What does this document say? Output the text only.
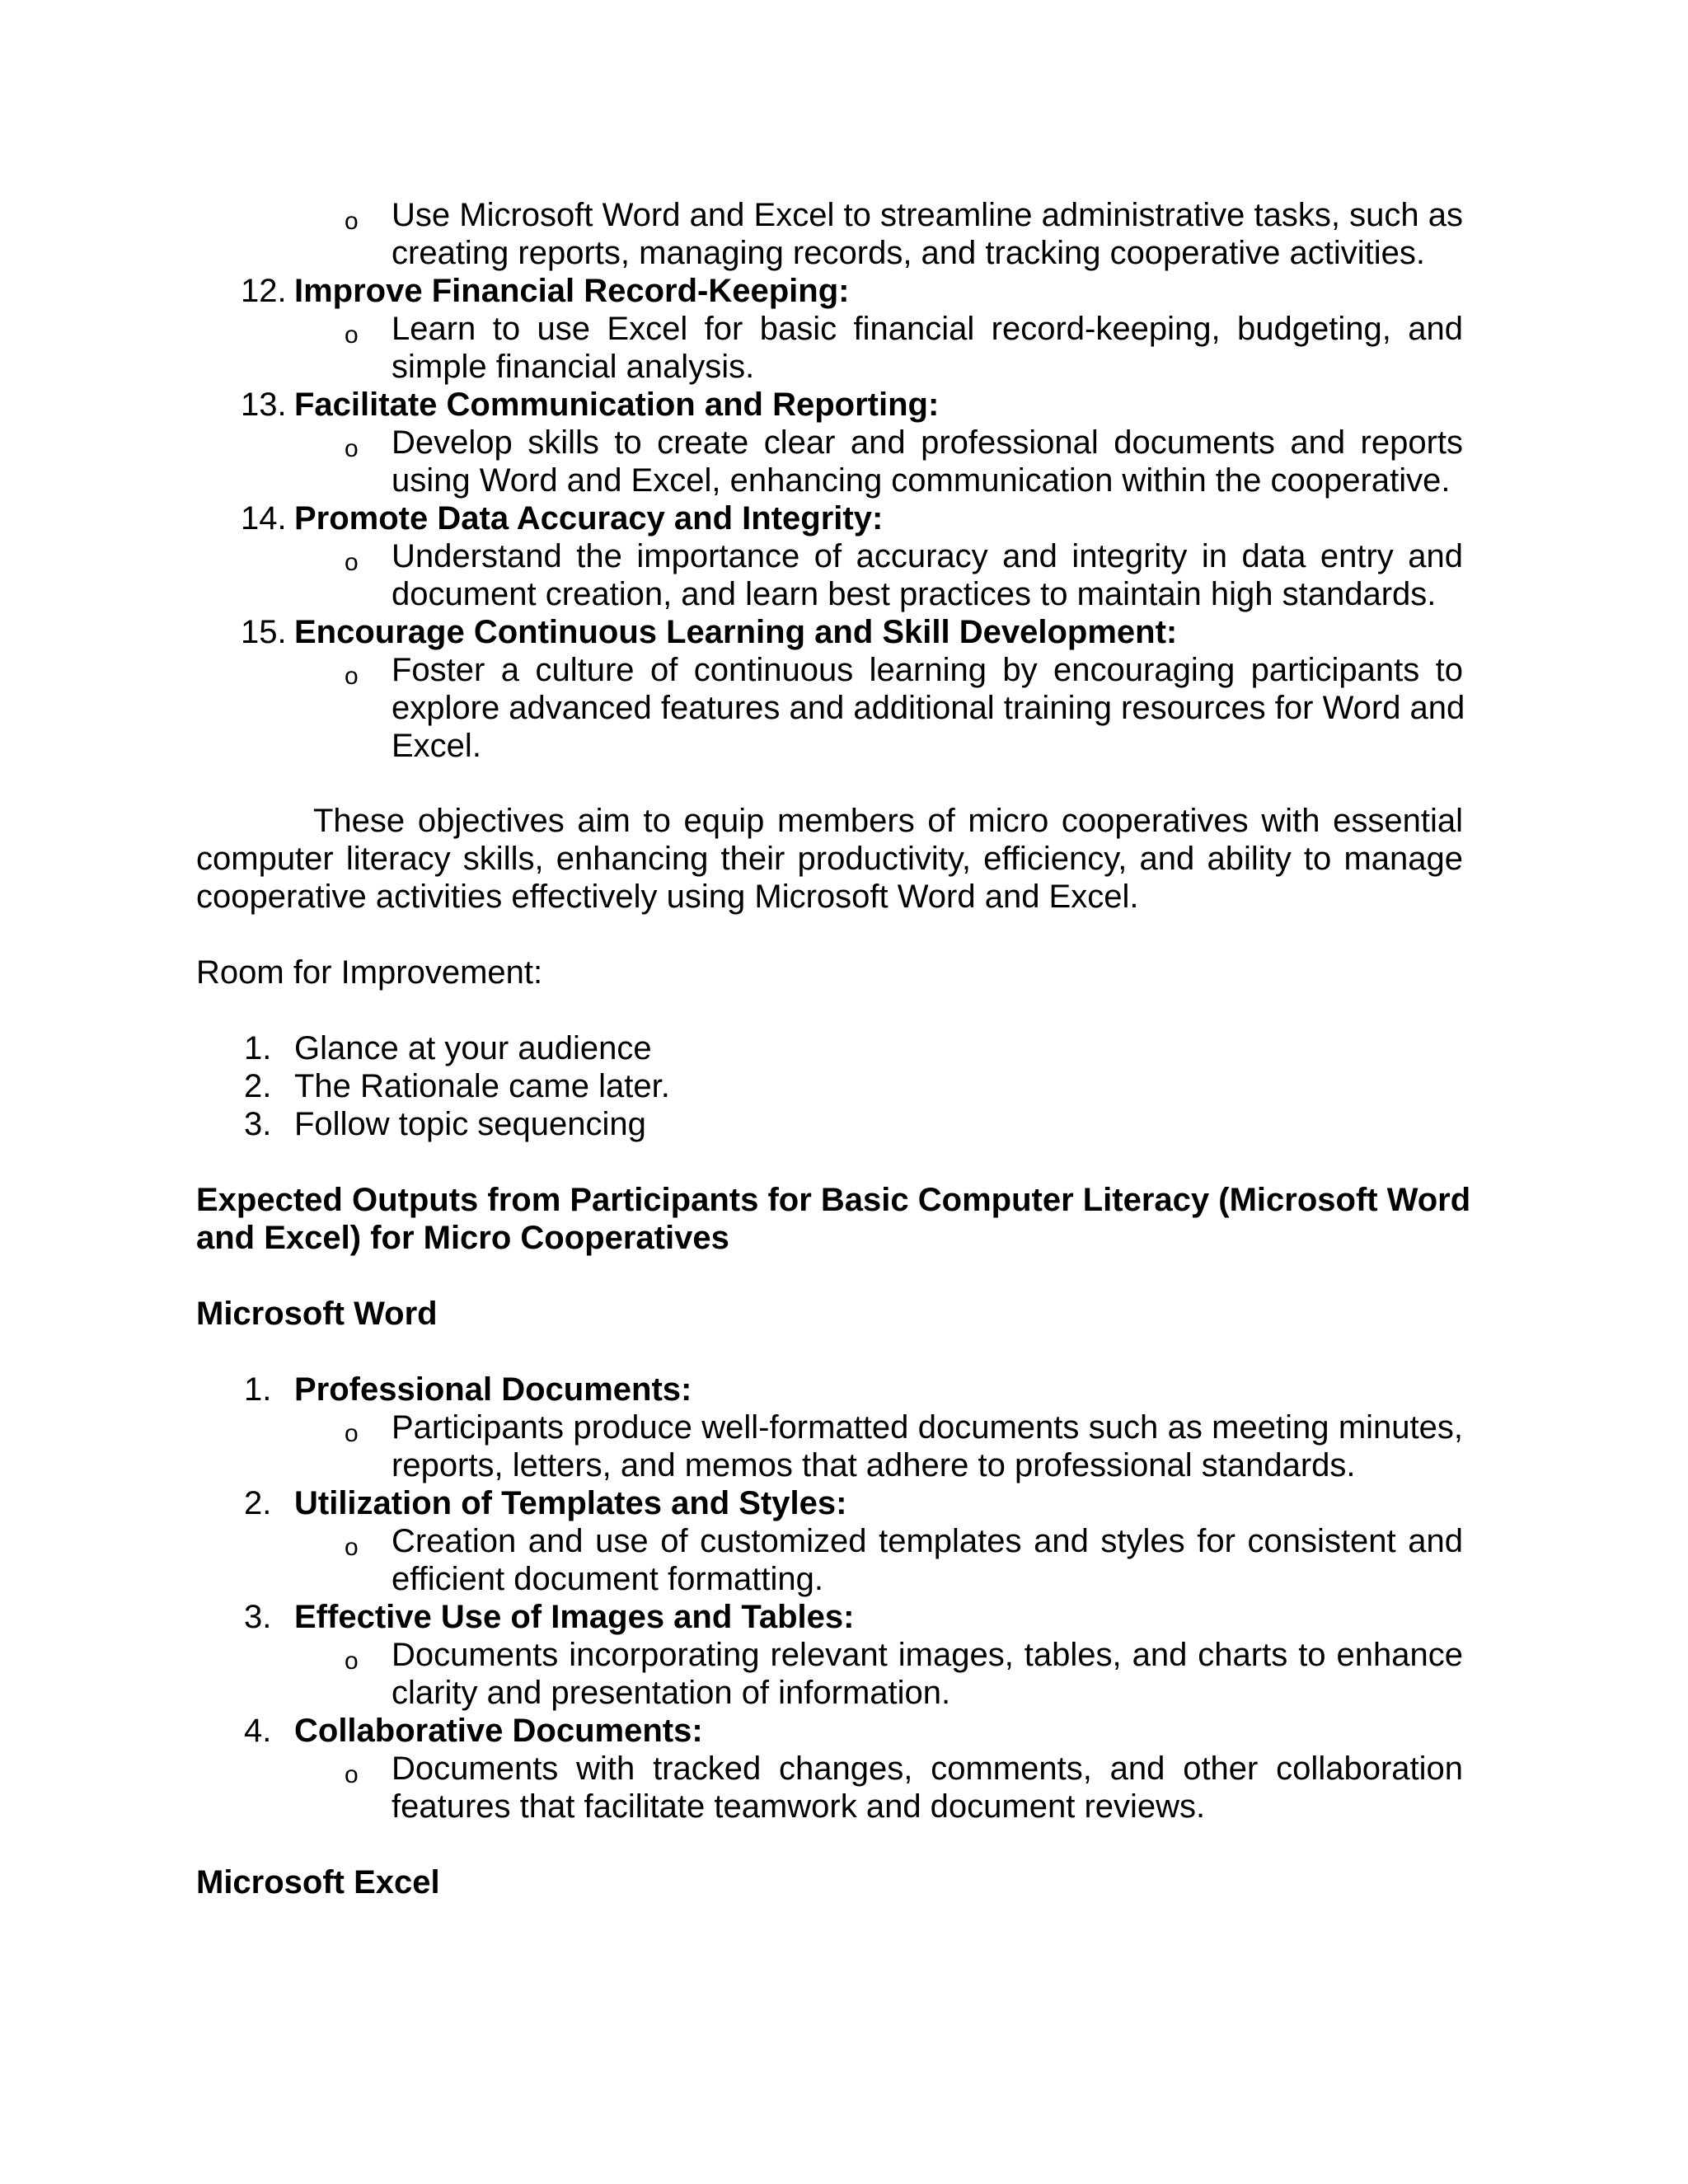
o Use Microsoft Word and Excel to streamline administrative tasks, such as
creating reports, managing records, and tracking cooperative activities.
12. Improve Financial Record-Keeping:
o Learn to use Excel for basic financial record-keeping, budgeting, and
simple financial analysis.
13. Facilitate Communication and Reporting:
o Develop skills to create clear and professional documents and reports
using Word and Excel, enhancing communication within the cooperative.
14. Promote Data Accuracy and Integrity:
o Understand the importance of accuracy and integrity in data entry and
document creation, and learn best practices to maintain high standards.
15. Encourage Continuous Learning and Skill Development:
o Foster a culture of continuous learning by encouraging participants to
explore advanced features and additional training resources for Word and
Excel.
These objectives aim to equip members of micro cooperatives with essential
computer literacy skills, enhancing their productivity, efficiency, and ability to manage
cooperative activities effectively using Microsoft Word and Excel.
Room for Improvement:
1. Glance at your audience
2. The Rationale came later.
3. Follow topic sequencing
Expected Outputs from Participants for Basic Computer Literacy (Microsoft Word
and Excel) for Micro Cooperatives
Microsoft Word
1. Professional Documents:
o Participants produce well-formatted documents such as meeting minutes,
reports, letters, and memos that adhere to professional standards.
2. Utilization of Templates and Styles:
o Creation and use of customized templates and styles for consistent and
efficient document formatting.
3. Effective Use of Images and Tables:
o Documents incorporating relevant images, tables, and charts to enhance
clarity and presentation of information.
4. Collaborative Documents:
o Documents with tracked changes, comments, and other collaboration
features that facilitate teamwork and document reviews.
Microsoft Excel
